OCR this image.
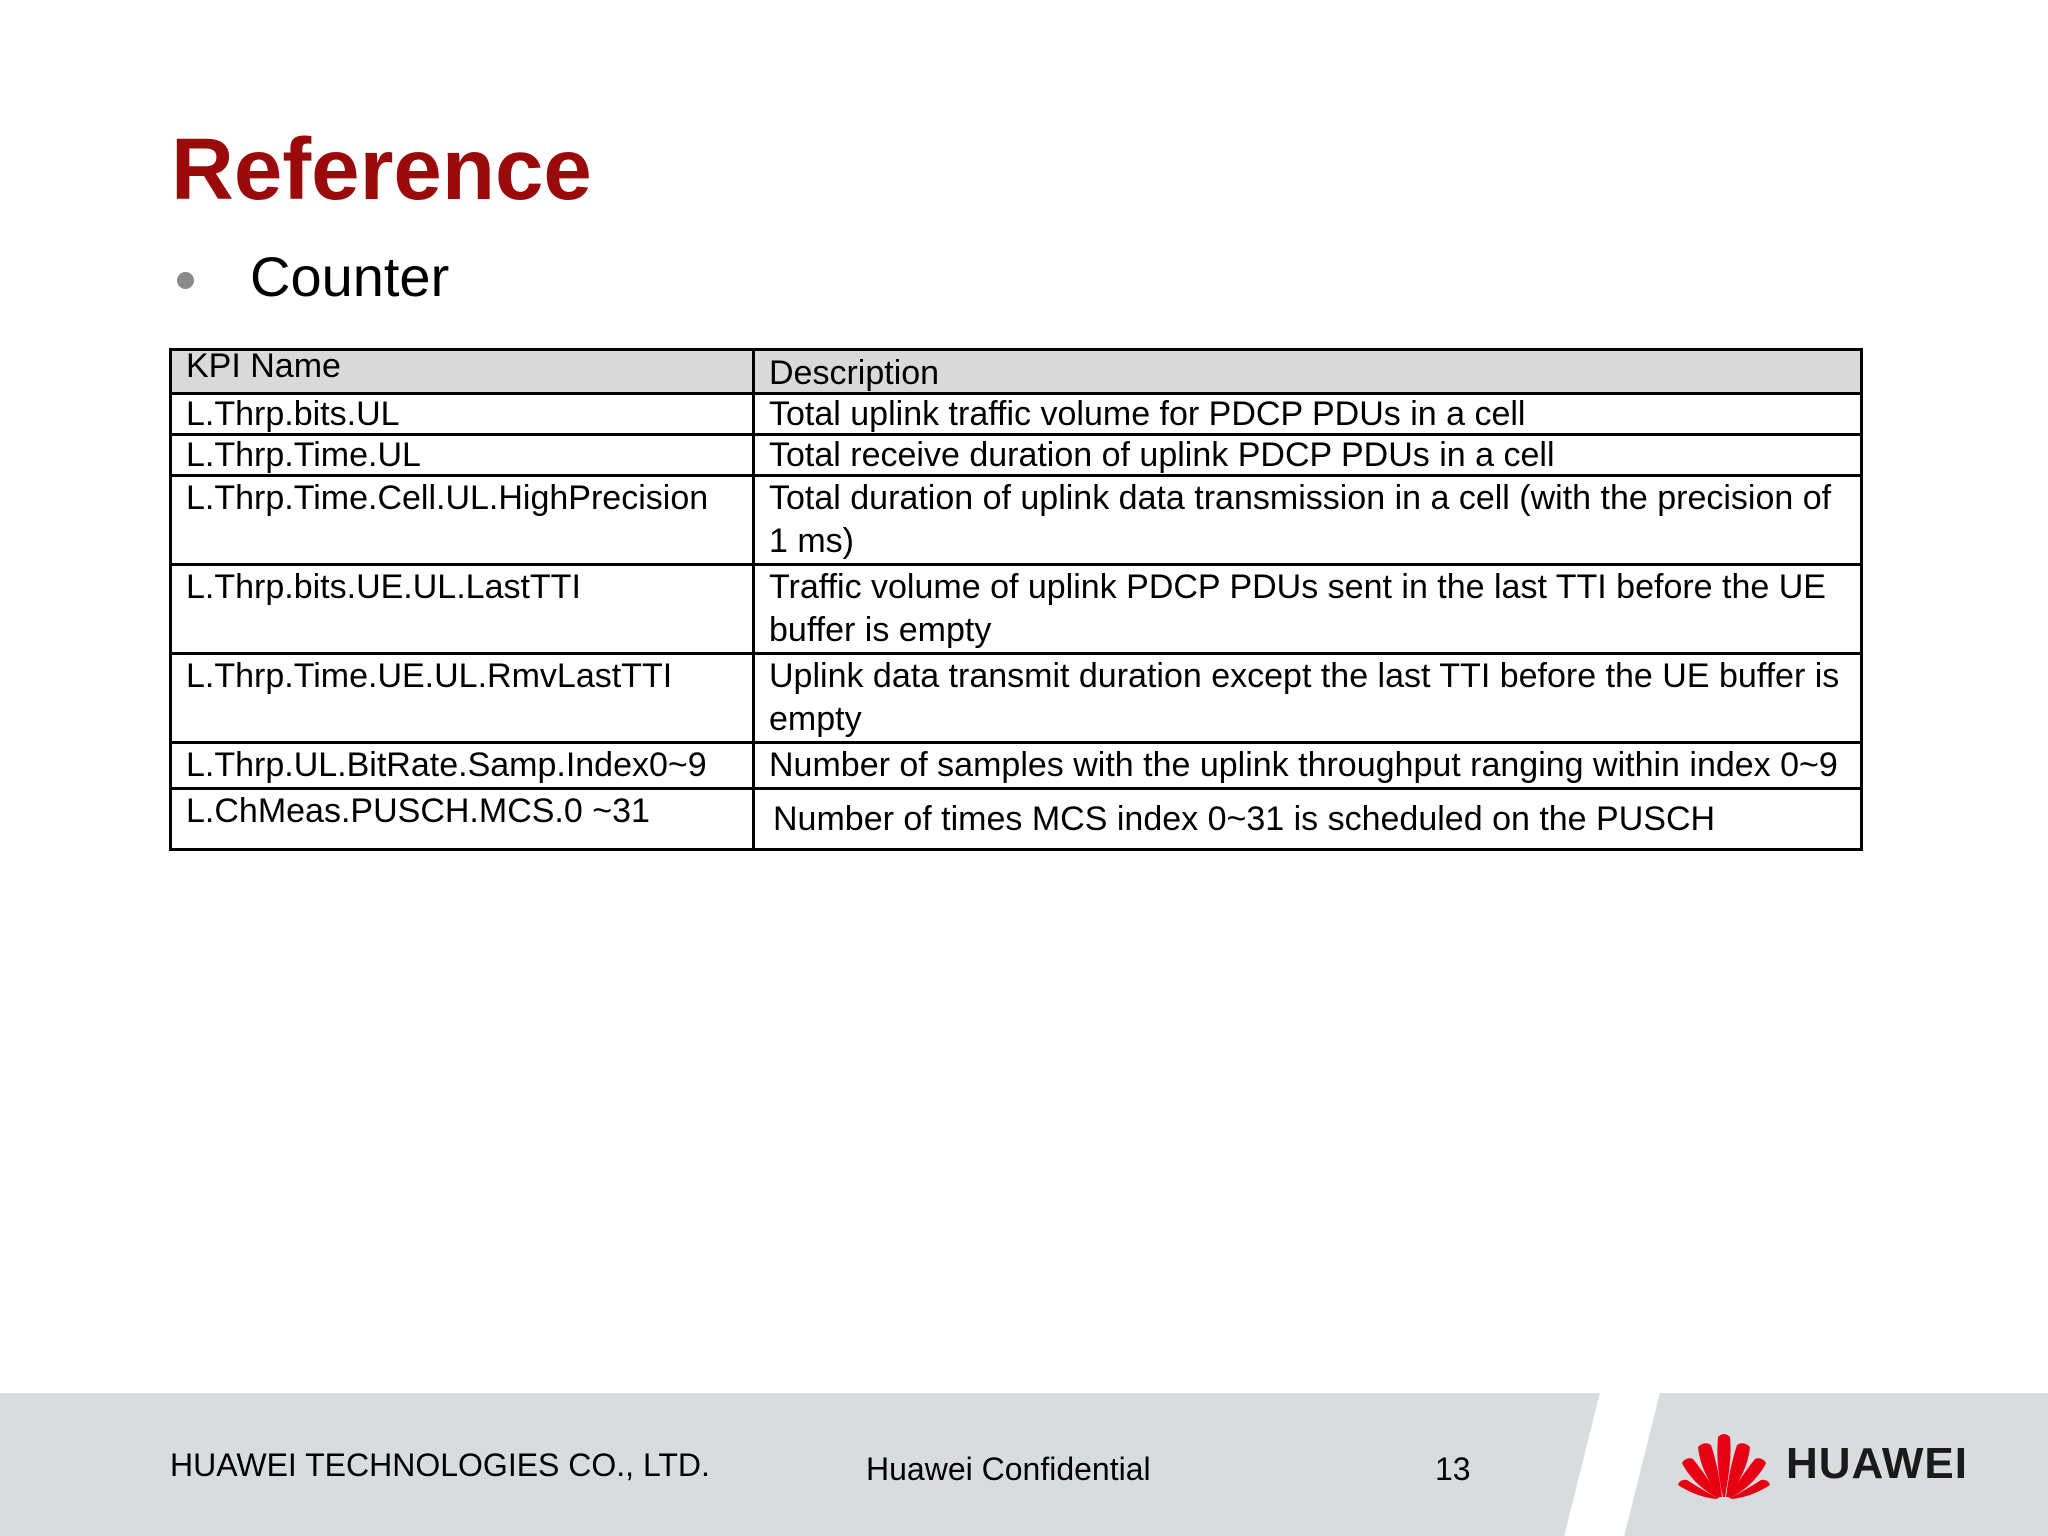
Reference
Counter
KPI Name	Description
L.Thrp.bits.UL	Total uplink traffic volume for PDCP PDUs in a cell
L.Thrp.Time.UL	Total receive duration of uplink PDCP PDUs in a cell
L.Thrp.Time.Cell.UL.HighPrecision	Total duration of uplink data transmission in a cell (with the precision of 1 ms)
L.Thrp.bits.UE.UL.LastTTI	Traffic volume of uplink PDCP PDUs sent in the last TTI before the UE buffer is empty
L.Thrp.Time.UE.UL.RmvLastTTI	Uplink data transmit duration except the last TTI before the UE buffer is empty
L.Thrp.UL.BitRate.Samp.Index0~9	Number of samples with the uplink throughput ranging within index 0~9
L.ChMeas.PUSCH.MCS.0 ~31	Number of times MCS index 0~31 is scheduled on the PUSCH
HUAWEI TECHNOLOGIES CO., LTD.	Huawei Confidential	13	HUAWEI
